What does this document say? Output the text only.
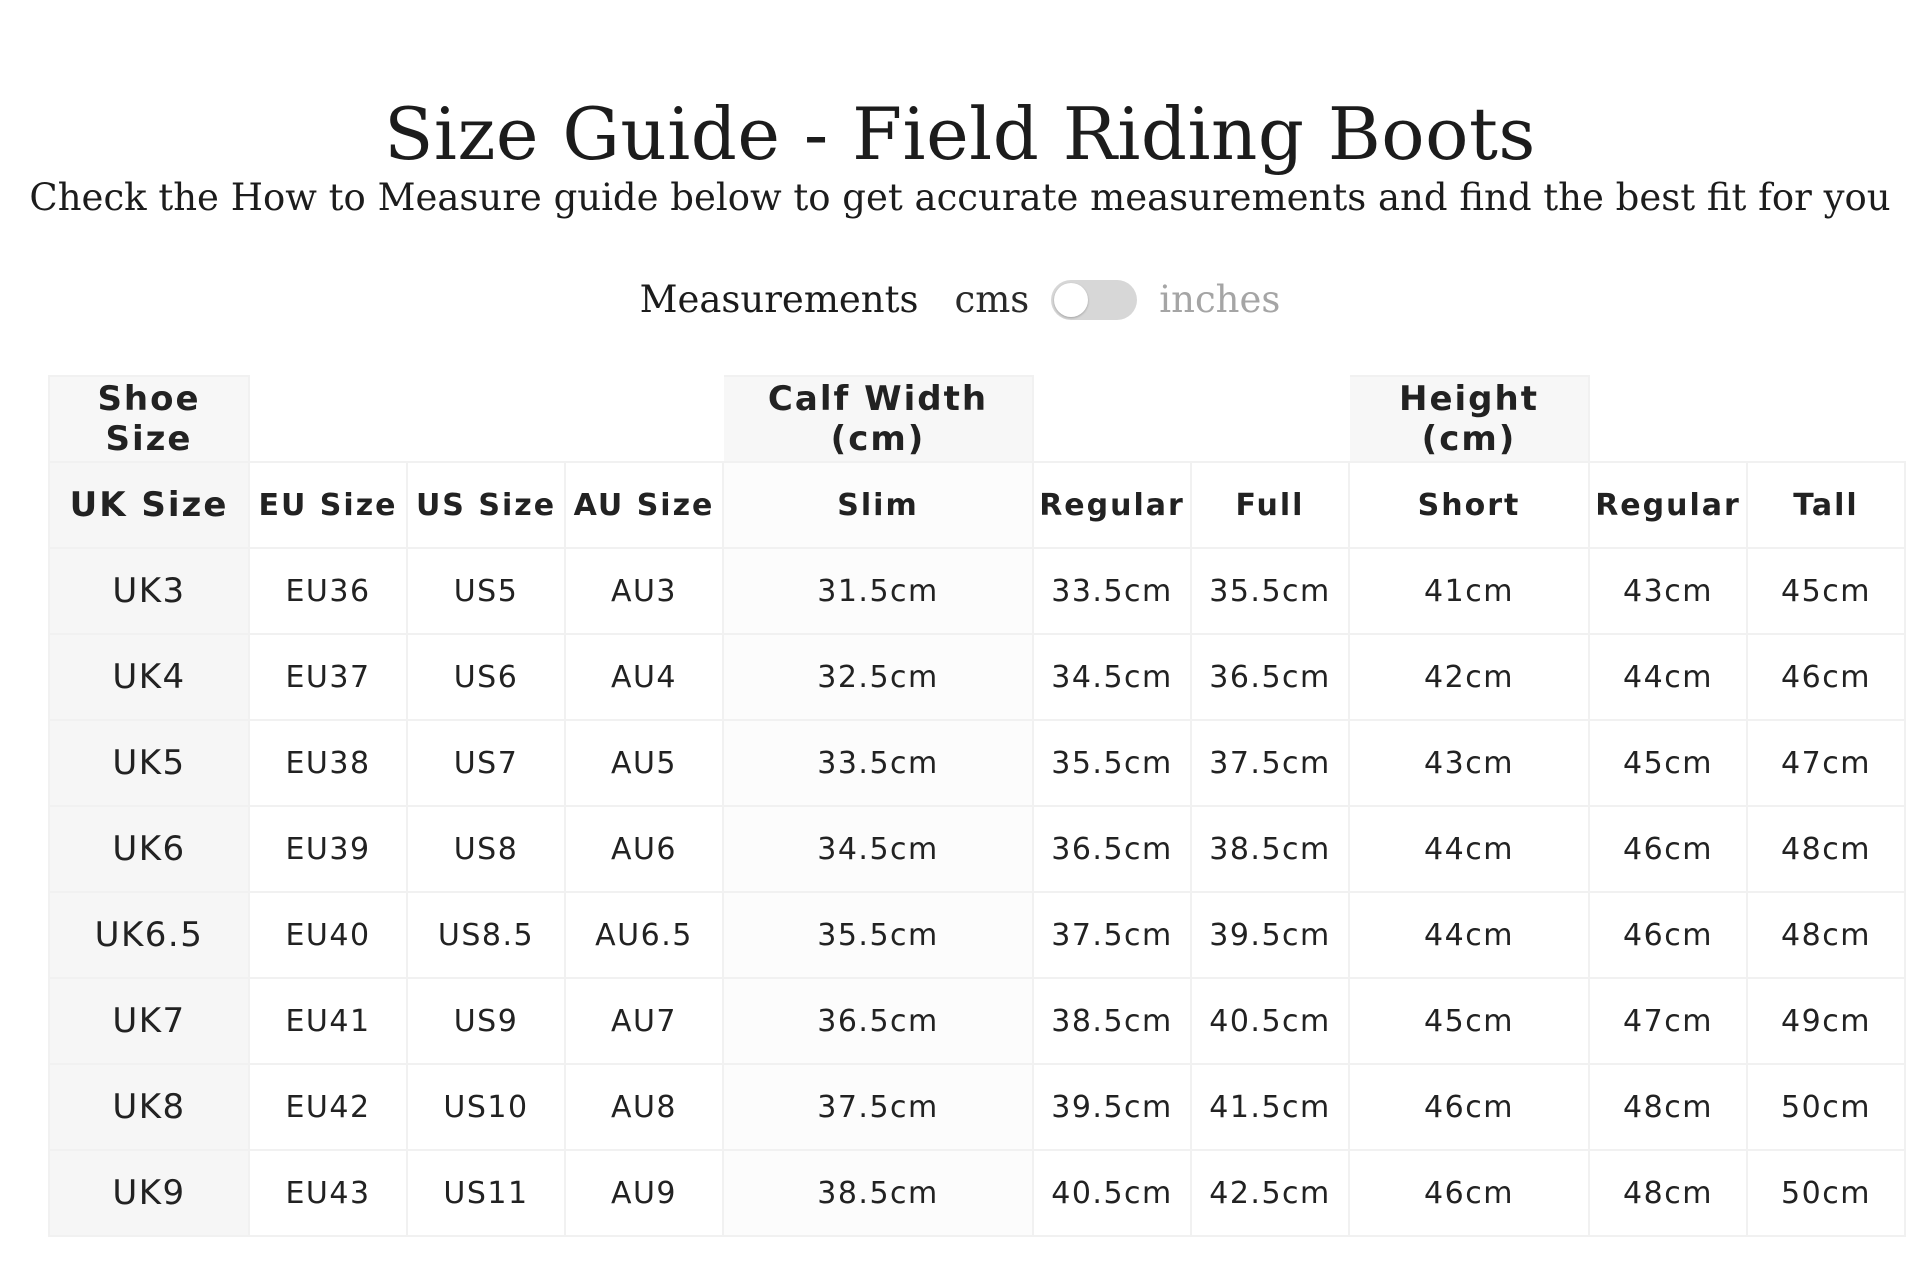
Size Guide - Field Riding Boots
Check the How to Measure guide below to get accurate measurements and find the best fit for you
Measurements cms	inches
Shoe Size				Calf Width (cm)			Height (cm)		
UK Size	EU Size	US Size	AU Size	Slim	Regular	Full	Short	Regular	Tall
UK3	EU36	US5	AU3	31.5cm	33.5cm	35.5cm	41cm	43cm	45cm
UK4	EU37	US6	AU4	32.5cm	34.5cm	36.5cm	42cm	44cm	46cm
UK5	EU38	US7	AU5	33.5cm	35.5cm	37.5cm	43cm	45cm	47cm
UK6	EU39	US8	AU6	34.5cm	36.5cm	38.5cm	44cm	46cm	48cm
UK6.5	EU40	US8.5	AU6.5	35.5cm	37.5cm	39.5cm	44cm	46cm	48cm
UK7	EU41	US9	AU7	36.5cm	38.5cm	40.5cm	45cm	47cm	49cm
UK8	EU42	US10	AU8	37.5cm	39.5cm	41.5cm	46cm	48cm	50cm
UK9	EU43	US11	AU9	38.5cm	40.5cm	42.5cm	46cm	48cm	50cm
